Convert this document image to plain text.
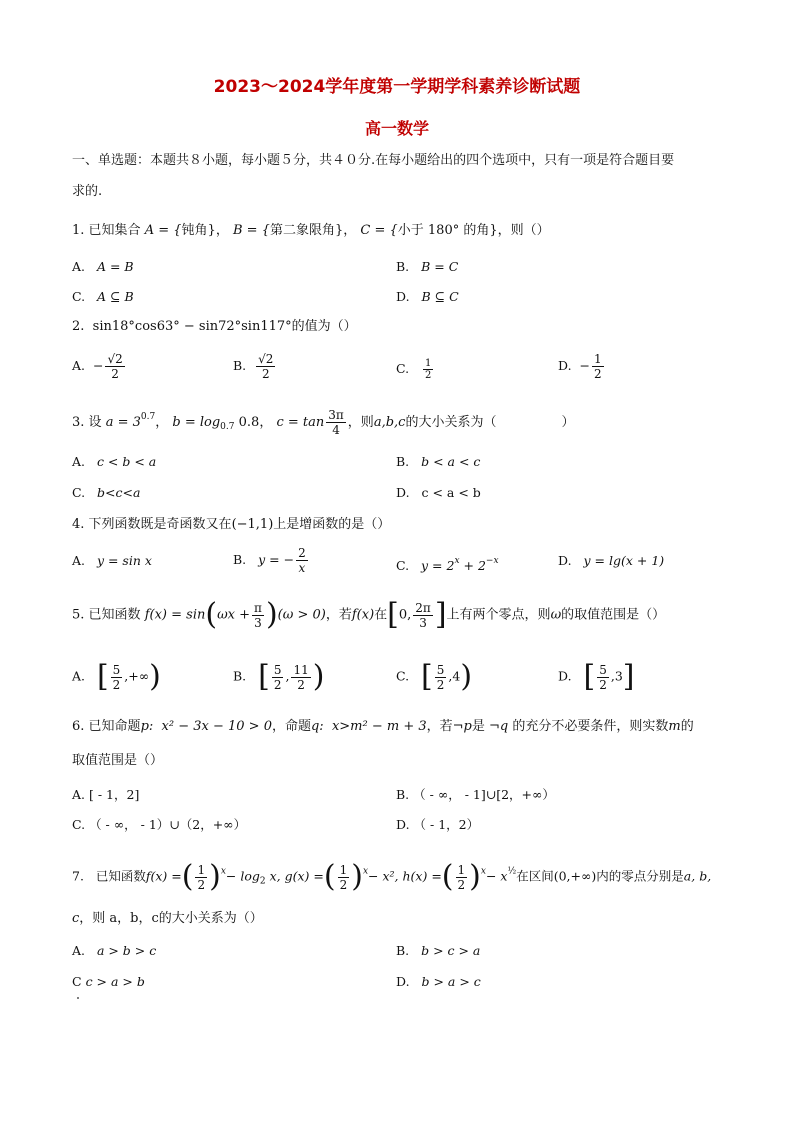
2023～2024学年度第一学期学科素养诊断试题
高一数学
一、单选题：本题共８小题，每小题５分，共４０分.在每小题给出的四个选项中，只有一项是符合题目要
求的.
1. 已知集合 A = {钝角}， B = {第二象限角}， C = {小于 180° 的角}，则（）
A. A = B	B. B = C
C. A ⊆ B	D. B ⊆ C
2. sin18°cos63° − sin72°sin117°的值为（）
A. − $\frac{√2}{2}$	B. $\frac{√2}{2}$	C. $\frac{1}{2}$	D. − $\frac{1}{2}$
3. 设 $a = 3^{0.7}$， $b = \log_{0.7} 0.8$， $c = \tan \frac{3\pi}{4}$ ，则a,b,c的大小关系为（　　　　　）
A. c < b < a	B. b < a < c
C. b<c<a	D. c < a < b
4. 下列函数既是奇函数又在(−1,1)上是增函数的是（）
A. y = sin x	B. y = − $\frac{2}{x}$	C. $y = 2^x + 2^{-x}$	D. y = lg(x + 1)
5. 已知函数 $f(x) = \sin(\omega x + \frac{\pi}{3} )(\omega > 0)$，若f(x)在[0, $\frac{2\pi}{3}$ ]上有两个零点，则ω的取值范围是（）
A. [ $\frac{5}{2}$ ,+∞)	B. [ $\frac{5}{2}$ , $\frac{11}{2}$ )	C. [ $\frac{5}{2} ,4$)	D. [ $\frac{5}{2} ,3$]
6. 已知命题p: x² − 3x − 10 > 0，命题q: x>m² − m + 3，若¬p是 ¬q 的充分不必要条件，则实数m的
取值范围是（）
A. [ - 1，2]	B. （ - ∞， - 1]∪[2，+∞）
C. （ - ∞， - 1）∪（2，+∞）	D. （ - 1，2）
7. 已知函数f(x) =( $\frac{1}{2} )^x- \log_2 x$, g(x) =( $\frac{1}{2} )^x- x^2$, h(x) =( $\frac{1}{2} )^x- x^{\frac{1}{2}}$在区间(0,+∞)内的零点分别是a, b,
c，则 a，b，c的大小关系为（）
A. a > b > c	B. b > c > a
C c > a > b	D. b > a > c
